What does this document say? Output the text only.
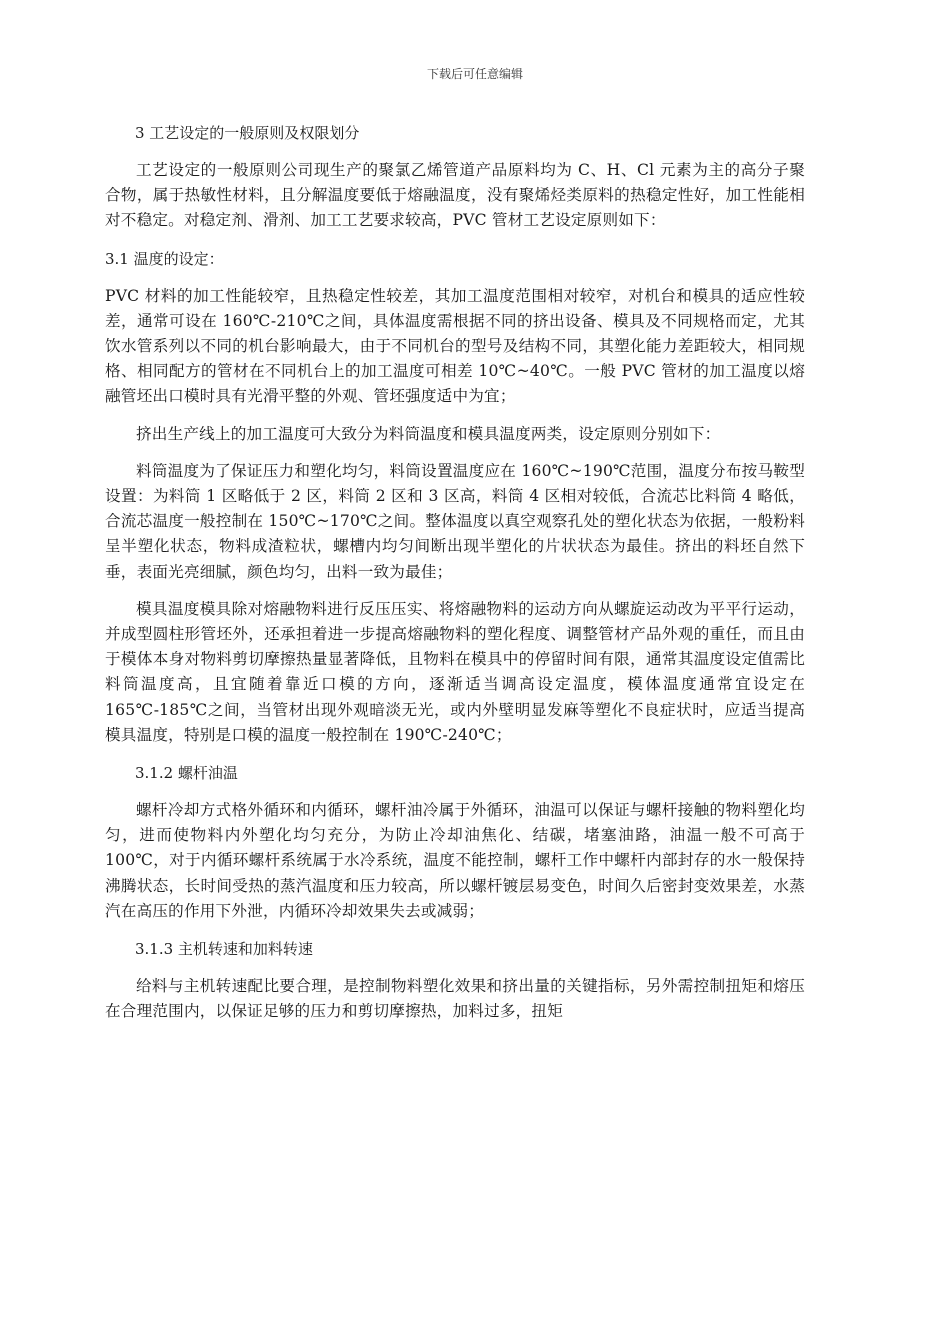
下载后可任意编辑
3 工艺设定的一般原则及权限划分

工艺设定的一般原则公司现生产的聚氯乙烯管道产品原料均为 C、H、Cl 元素为主的高分子聚合物，属于热敏性材料，且分解温度要低于熔融温度，没有聚烯烃类原料的热稳定性好，加工性能相对不稳定。对稳定剂、滑剂、加工工艺要求较高，PVC 管材工艺设定原则如下：

3.1 温度的设定：

PVC 材料的加工性能较窄，且热稳定性较差，其加工温度范围相对较窄，对机台和模具的适应性较差，通常可设在 160℃-210℃之间，具体温度需根据不同的挤出设备、模具及不同规格而定，尤其饮水管系列以不同的机台影响最大，由于不同机台的型号及结构不同，其塑化能力差距较大，相同规格、相同配方的管材在不同机台上的加工温度可相差 10℃~40℃。一般 PVC 管材的加工温度以熔融管坯出口模时具有光滑平整的外观、管坯强度适中为宜；

挤出生产线上的加工温度可大致分为料筒温度和模具温度两类，设定原则分别如下：

料筒温度为了保证压力和塑化均匀，料筒设置温度应在 160℃~190℃范围，温度分布按马鞍型设置：为料筒 1 区略低于 2 区，料筒 2 区和 3 区高，料筒 4 区相对较低，合流芯比料筒 4 略低，合流芯温度一般控制在 150℃~170℃之间。整体温度以真空观察孔处的塑化状态为依据，一般粉料呈半塑化状态，物料成渣粒状，螺槽内均匀间断出现半塑化的片状状态为最佳。挤出的料坯自然下垂，表面光亮细腻，颜色均匀，出料一致为最佳；

模具温度模具除对熔融物料进行反压压实、将熔融物料的运动方向从螺旋运动改为平平行运动，并成型圆柱形管坯外，还承担着进一步提高熔融物料的塑化程度、调整管材产品外观的重任，而且由于模体本身对物料剪切摩擦热量显著降低，且物料在模具中的停留时间有限，通常其温度设定值需比料筒温度高，且宜随着靠近口模的方向，逐渐适当调高设定温度，模体温度通常宜设定在 165℃-185℃之间，当管材出现外观暗淡无光，或内外壁明显发麻等塑化不良症状时，应适当提高模具温度，特别是口模的温度一般控制在 190℃-240℃；

3.1.2 螺杆油温

螺杆冷却方式格外循环和内循环，螺杆油冷属于外循环，油温可以保证与螺杆接触的物料塑化均匀，进而使物料内外塑化均匀充分，为防止冷却油焦化、结碳，堵塞油路，油温一般不可高于 100℃，对于内循环螺杆系统属于水冷系统，温度不能控制，螺杆工作中螺杆内部封存的水一般保持沸腾状态，长时间受热的蒸汽温度和压力较高，所以螺杆镀层易变色，时间久后密封变效果差，水蒸汽在高压的作用下外泄，内循环冷却效果失去或减弱；

3.1.3 主机转速和加料转速

给料与主机转速配比要合理，是控制物料塑化效果和挤出量的关键指标，另外需控制扭矩和熔压在合理范围内，以保证足够的压力和剪切摩擦热，加料过多，扭矩
